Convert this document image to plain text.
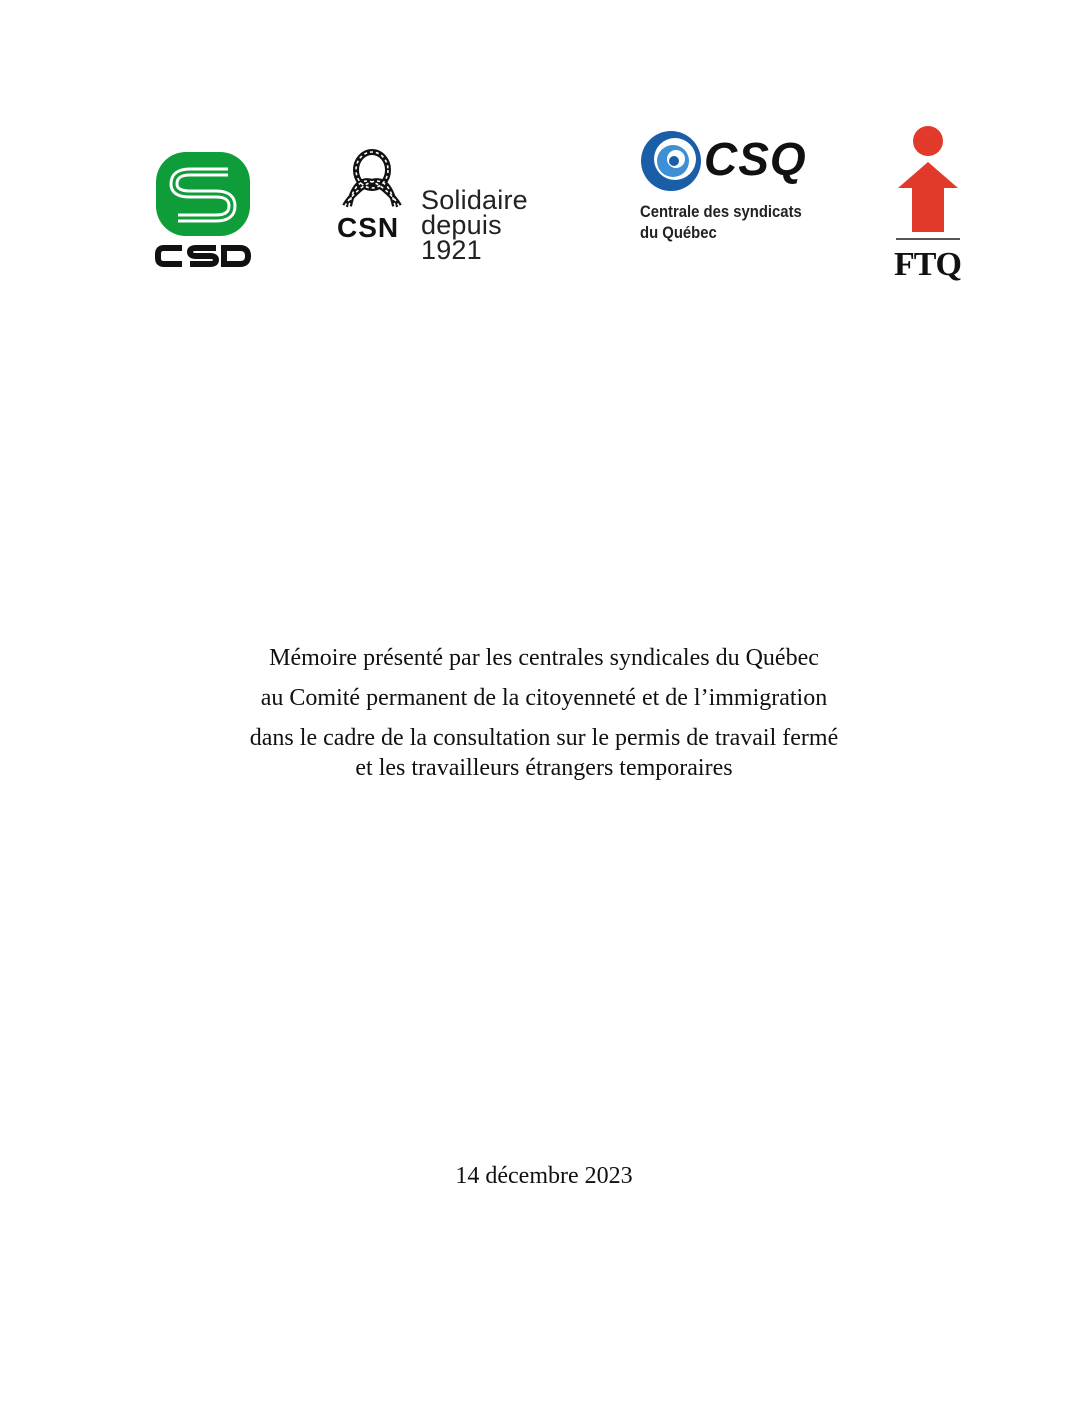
CSN
Solidaire
depuis 1921
CSQ
Centrale des syndicats
du Québec
FTQ
Mémoire présenté par les centrales syndicales du Québec
au Comité permanent de la citoyenneté et de l’immigration
dans le cadre de la consultation sur le permis de travail fermé
et les travailleurs étrangers temporaires
14 décembre 2023
